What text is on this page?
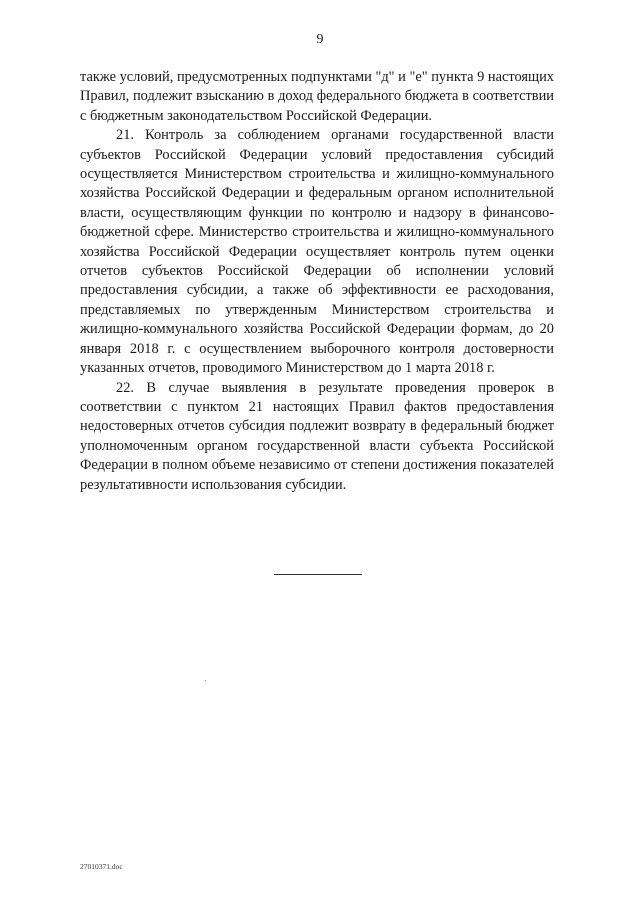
9

также условий, предусмотренных подпунктами "д" и "е" пункта 9 настоящих Правил, подлежит взысканию в доход федерального бюджета в соответствии с бюджетным законодательством Российской Федерации.

21. Контроль за соблюдением органами государственной власти субъектов Российской Федерации условий предоставления субсидий осуществляется Министерством строительства и жилищно-коммунального хозяйства Российской Федерации и федеральным органом исполнительной власти, осуществляющим функции по контролю и надзору в финансово-бюджетной сфере. Министерство строительства и жилищно-коммунального хозяйства Российской Федерации осуществляет контроль путем оценки отчетов субъектов Российской Федерации об исполнении условий предоставления субсидии, а также об эффективности ее расходования, представляемых по утвержденным Министерством строительства и жилищно-коммунального хозяйства Российской Федерации формам, до 20 января 2018 г. с осуществлением выборочного контроля достоверности указанных отчетов, проводимого Министерством до 1 марта 2018 г.

22. В случае выявления в результате проведения проверок в соответствии с пунктом 21 настоящих Правил фактов предоставления недостоверных отчетов субсидия подлежит возврату в федеральный бюджет уполномоченным органом государственной власти субъекта Российской Федерации в полном объеме независимо от степени достижения показателей результативности использования субсидии.

27010371.doc
